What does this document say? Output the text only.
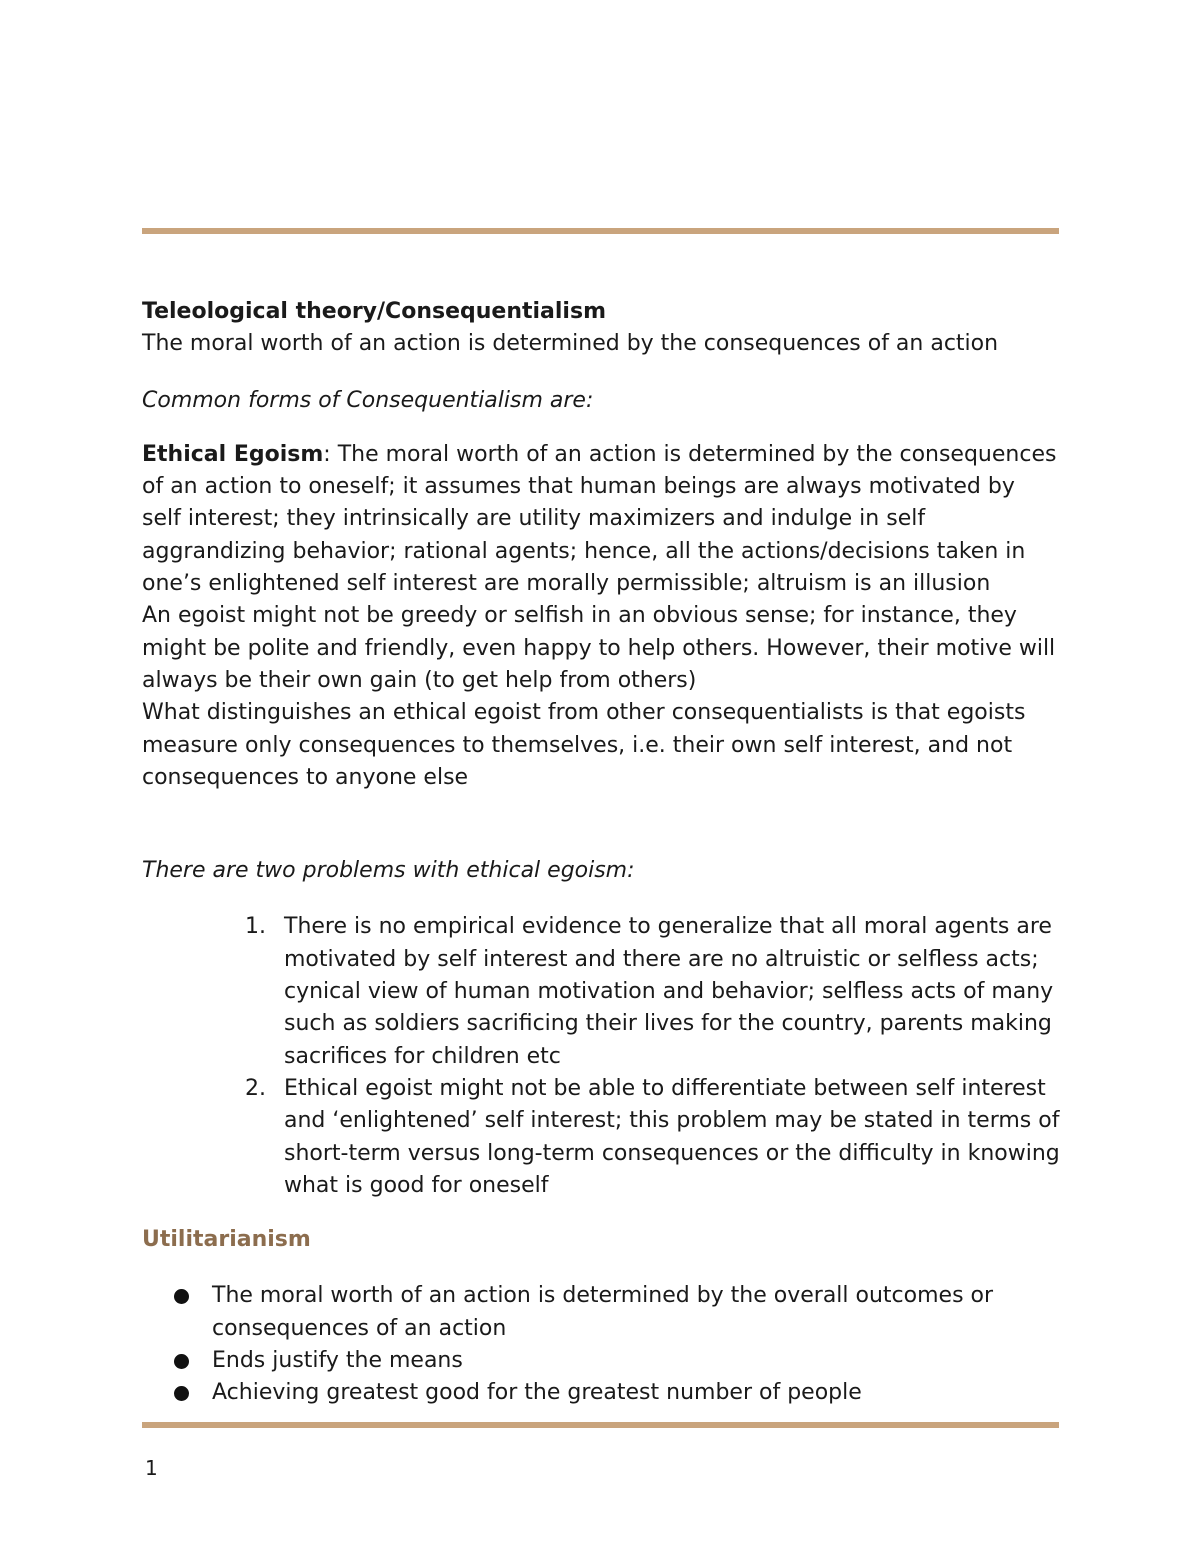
Teleological theory/Consequentialism

The moral worth of an action is determined by the consequences of an action

Common forms of Consequentialism are:

Ethical Egoism: The moral worth of an action is determined by the consequences of an action to oneself; it assumes that human beings are always motivated by self interest; they intrinsically are utility maximizers and indulge in self aggrandizing behavior; rational agents; hence, all the actions/decisions taken in one’s enlightened self interest are morally permissible; altruism is an illusion

An egoist might not be greedy or selfish in an obvious sense; for instance, they might be polite and friendly, even happy to help others. However, their motive will always be their own gain (to get help from others)

What distinguishes an ethical egoist from other consequentialists is that egoists measure only consequences to themselves, i.e. their own self interest, and not consequences to anyone else

There are two problems with ethical egoism:

1. There is no empirical evidence to generalize that all moral agents are motivated by self interest and there are no altruistic or selfless acts; cynical view of human motivation and behavior; selfless acts of many such as soldiers sacrificing their lives for the country, parents making sacrifices for children etc
2. Ethical egoist might not be able to differentiate between self interest and ‘enlightened’ self interest; this problem may be stated in terms of short-term versus long-term consequences or the difficulty in knowing what is good for oneself

Utilitarianism

The moral worth of an action is determined by the overall outcomes or consequences of an action
Ends justify the means
Achieving greatest good for the greatest number of people
1
